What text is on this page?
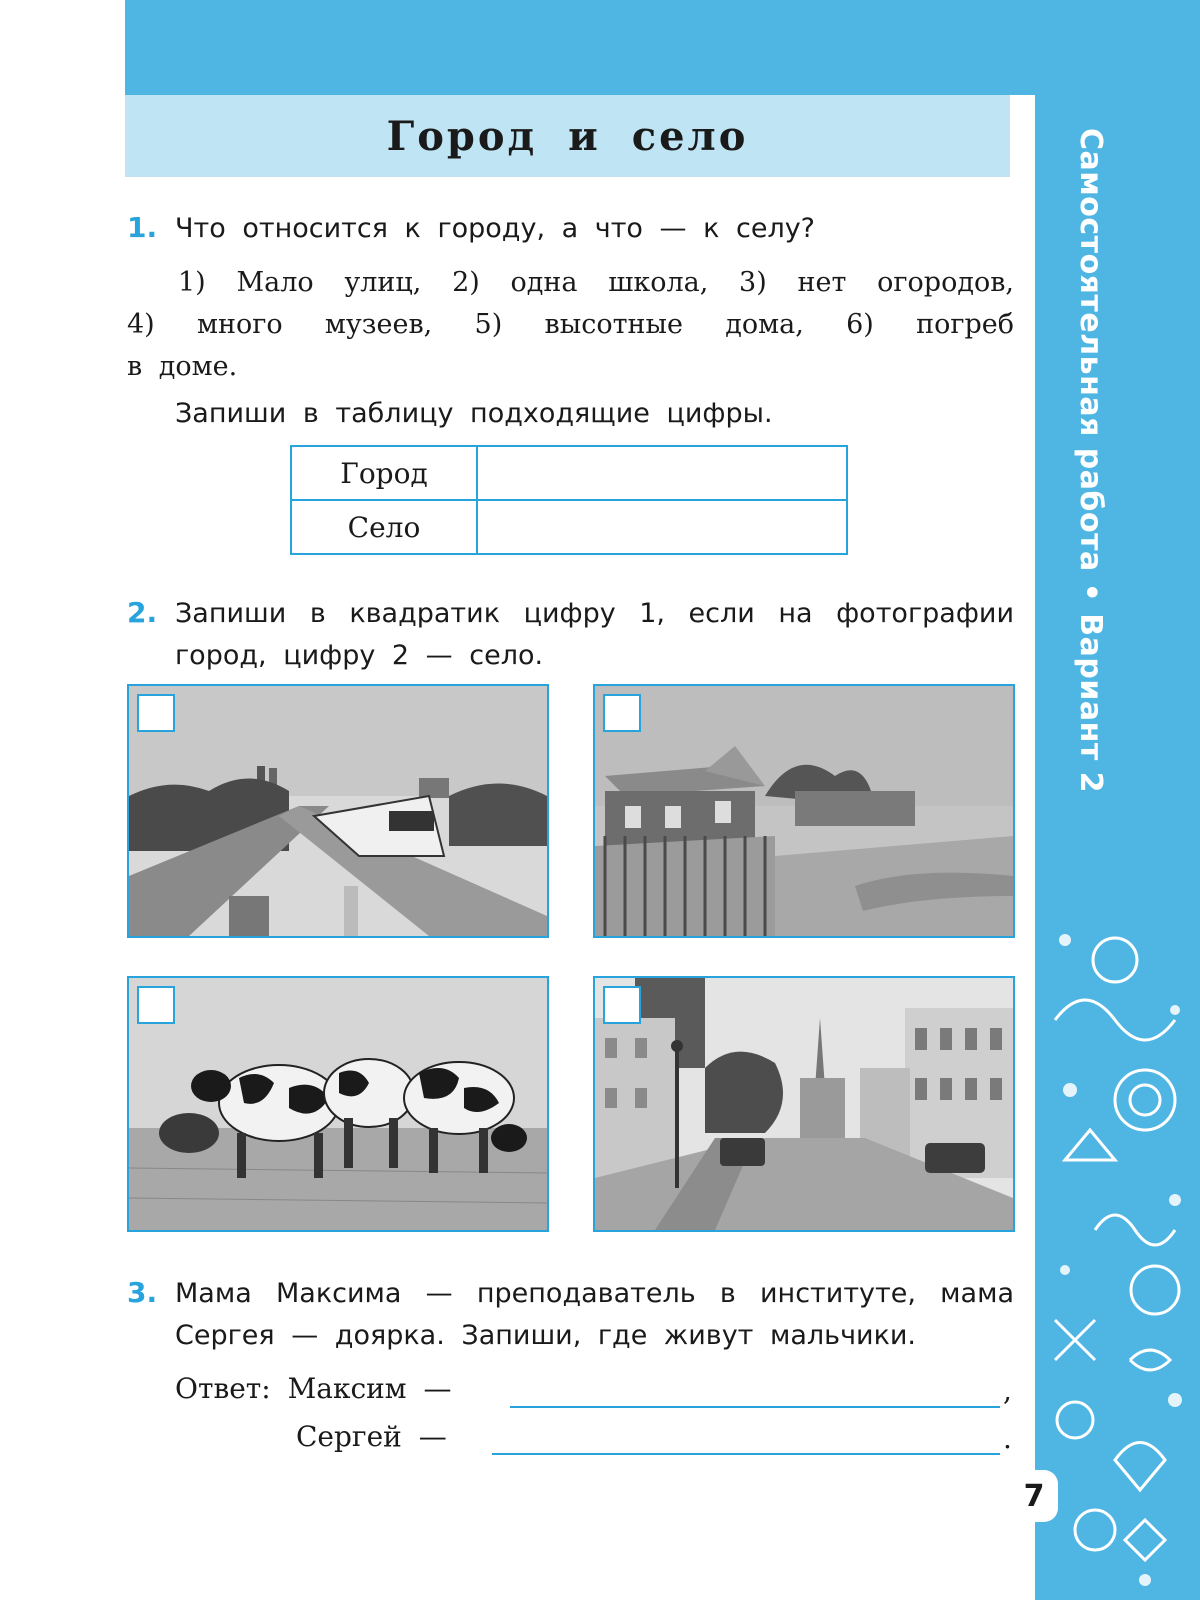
Город и село	Самостоятельная работа • Вариант 2
7
1. Что относится к городу, а что — к селу?
1) Мало улиц, 2) одна школа, 3) нет огородов,
4) много музеев, 5) высотные дома, 6) погреб
в доме.
Запиши в таблицу подходящие цифры.
Город	
Село	
2. Запиши в квадратик цифру 1, если на фотографии
город, цифру 2 — село.
3. Мама Максима — преподаватель в институте, мама
Сергея — доярка. Запиши, где живут мальчики.
Ответ: Максим —	,
Сергей —	.
